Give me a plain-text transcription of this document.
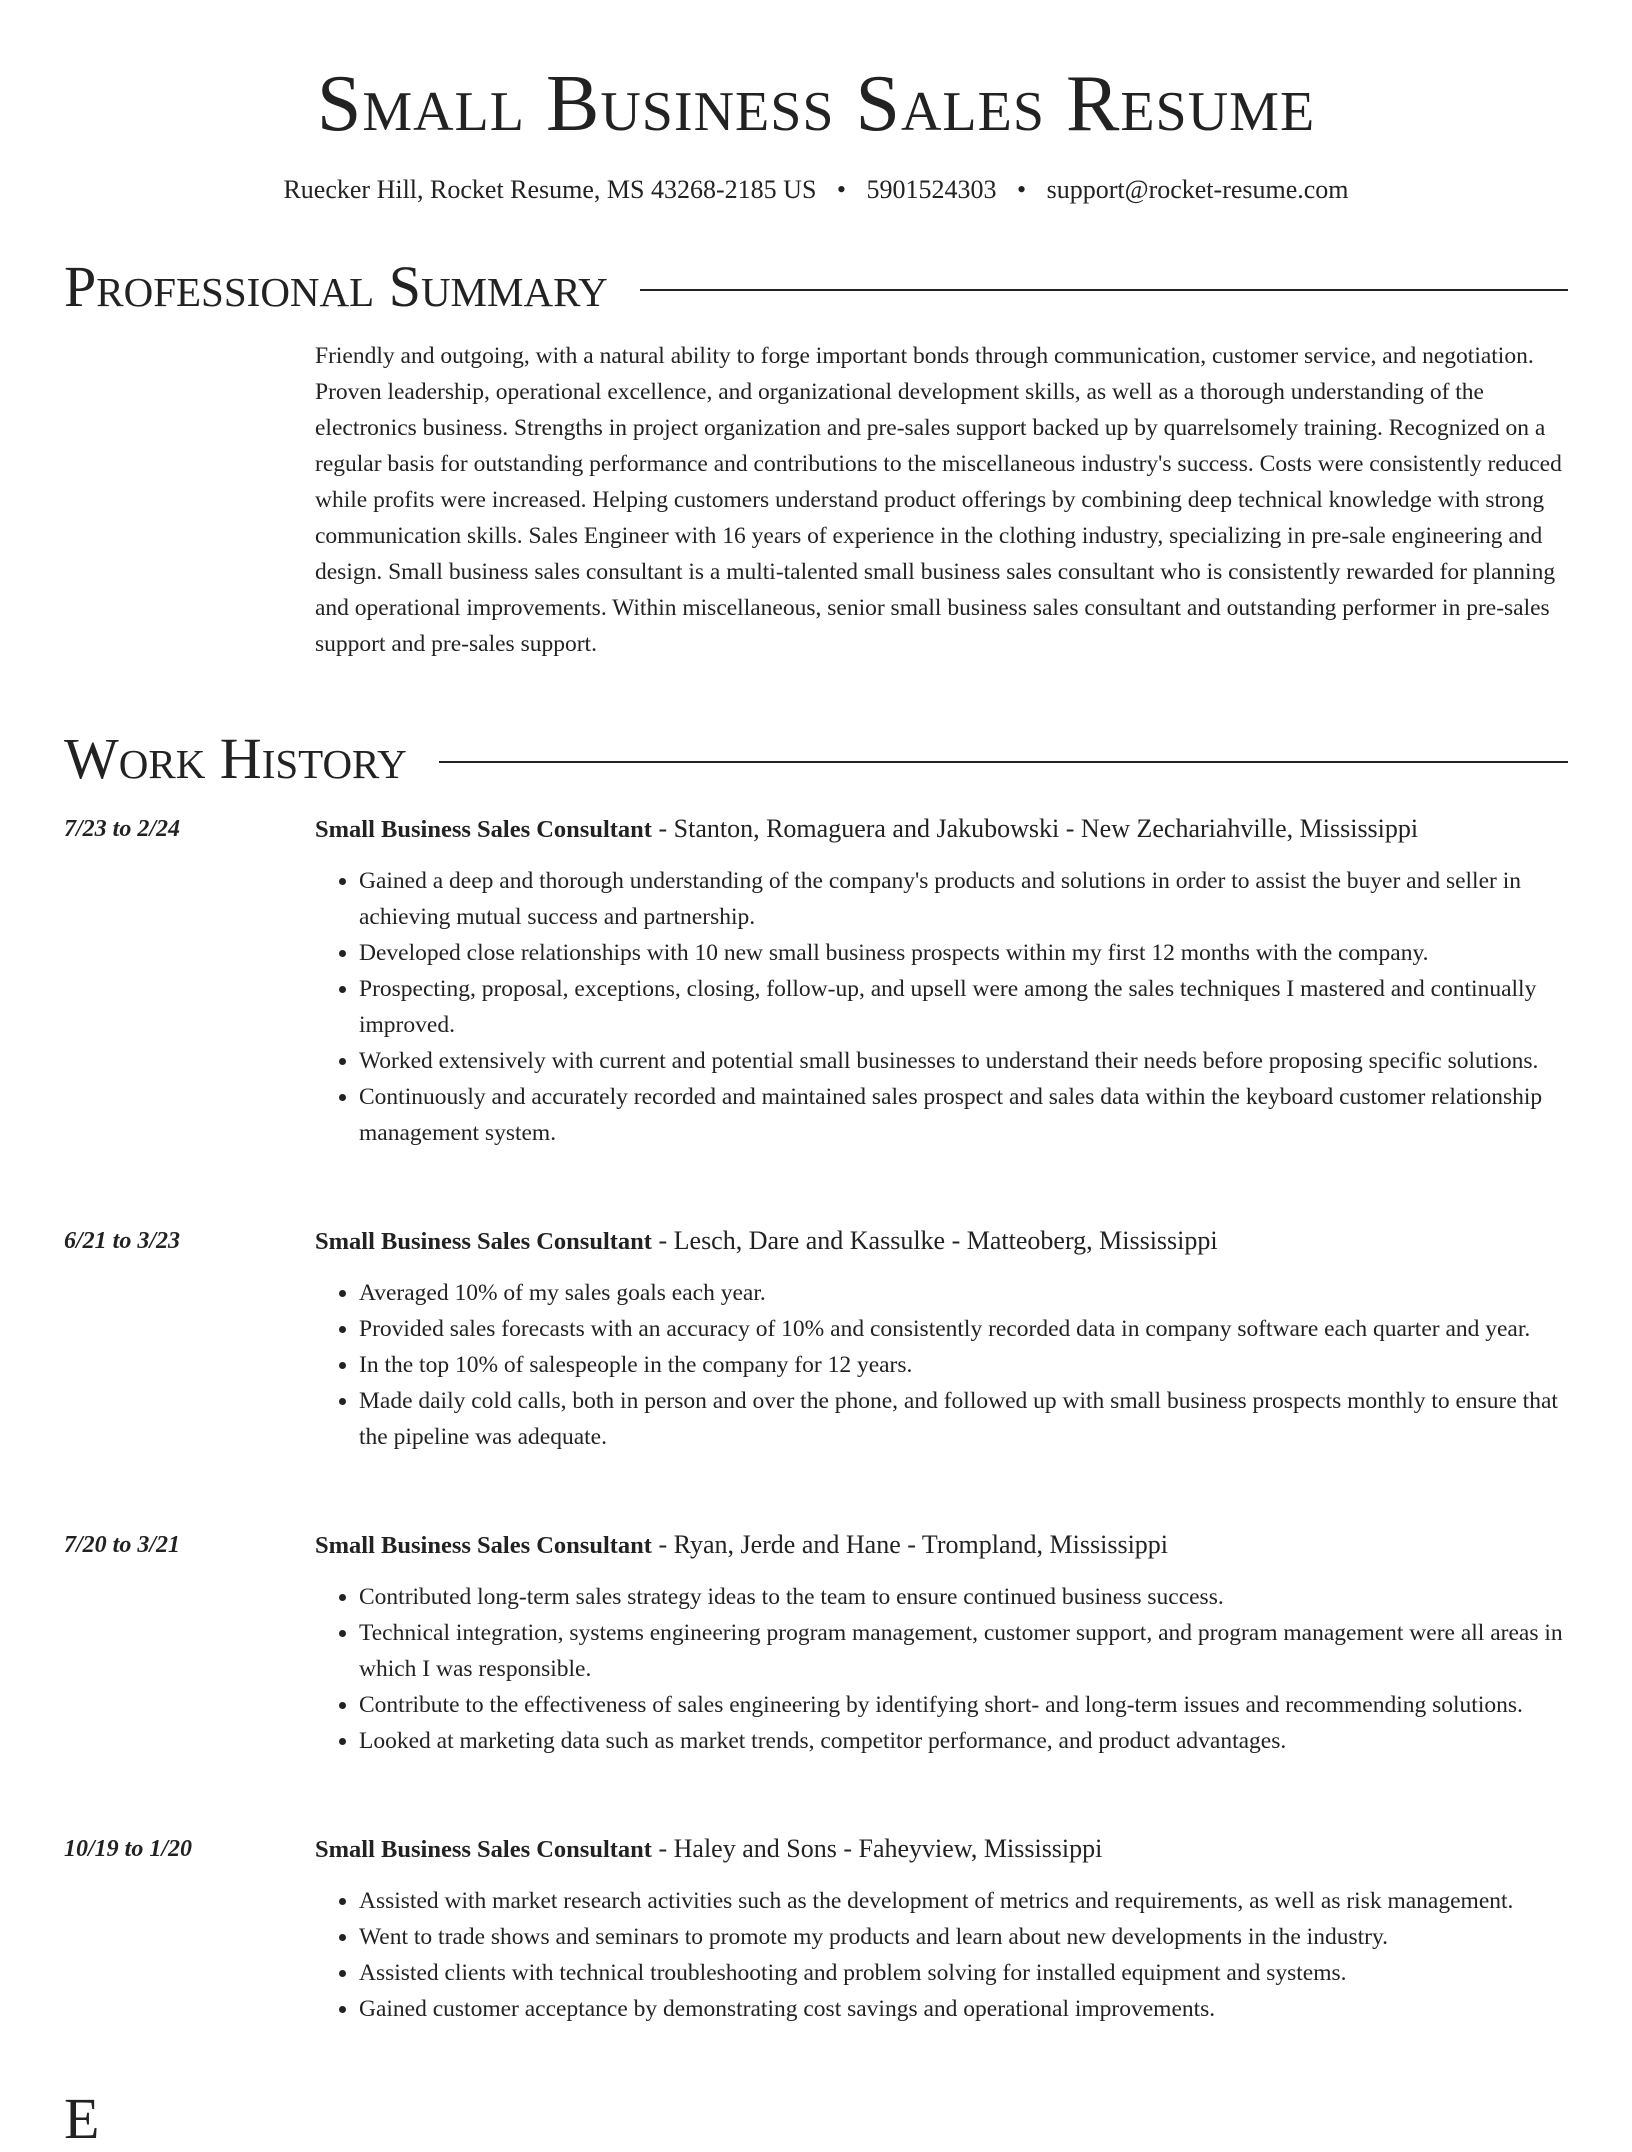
Small Business Sales Resume
Ruecker Hill, Rocket Resume, MS 43268-2185 US • 5901524303 • support@rocket-resume.com
Professional Summary

Friendly and outgoing, with a natural ability to forge important bonds through communication, customer service, and negotiation. Proven leadership, operational excellence, and organizational development skills, as well as a thorough understanding of the electronics business. Strengths in project organization and pre-sales support backed up by quarrelsomely training. Recognized on a regular basis for outstanding performance and contributions to the miscellaneous industry's success. Costs were consistently reduced while profits were increased. Helping customers understand product offerings by combining deep technical knowledge with strong communication skills. Sales Engineer with 16 years of experience in the clothing industry, specializing in pre-sale engineering and design. Small business sales consultant is a multi-talented small business sales consultant who is consistently rewarded for planning and operational improvements. Within miscellaneous, senior small business sales consultant and outstanding performer in pre-sales support and pre-sales support.

Work History
7/23 to 2/24	Small Business Sales Consultant - Stanton, Romaguera and Jakubowski - New Zechariahville, Mississippi
• Gained a deep and thorough understanding of the company's products and solutions in order to assist the buyer and seller in achieving mutual success and partnership.
• Developed close relationships with 10 new small business prospects within my first 12 months with the company.
• Prospecting, proposal, exceptions, closing, follow-up, and upsell were among the sales techniques I mastered and continually improved.
• Worked extensively with current and potential small businesses to understand their needs before proposing specific solutions.
• Continuously and accurately recorded and maintained sales prospect and sales data within the keyboard customer relationship management system.
6/21 to 3/23	Small Business Sales Consultant - Lesch, Dare and Kassulke - Matteoberg, Mississippi
• Averaged 10% of my sales goals each year.
• Provided sales forecasts with an accuracy of 10% and consistently recorded data in company software each quarter and year.
• In the top 10% of salespeople in the company for 12 years.
• Made daily cold calls, both in person and over the phone, and followed up with small business prospects monthly to ensure that the pipeline was adequate.
7/20 to 3/21	Small Business Sales Consultant - Ryan, Jerde and Hane - Trompland, Mississippi
• Contributed long-term sales strategy ideas to the team to ensure continued business success.
• Technical integration, systems engineering program management, customer support, and program management were all areas in which I was responsible.
• Contribute to the effectiveness of sales engineering by identifying short- and long-term issues and recommending solutions.
• Looked at marketing data such as market trends, competitor performance, and product advantages.
10/19 to 1/20	Small Business Sales Consultant - Haley and Sons - Faheyview, Mississippi
• Assisted with market research activities such as the development of metrics and requirements, as well as risk management.
• Went to trade shows and seminars to promote my products and learn about new developments in the industry.
• Assisted clients with technical troubleshooting and problem solving for installed equipment and systems.
• Gained customer acceptance by demonstrating cost savings and operational improvements.
E
